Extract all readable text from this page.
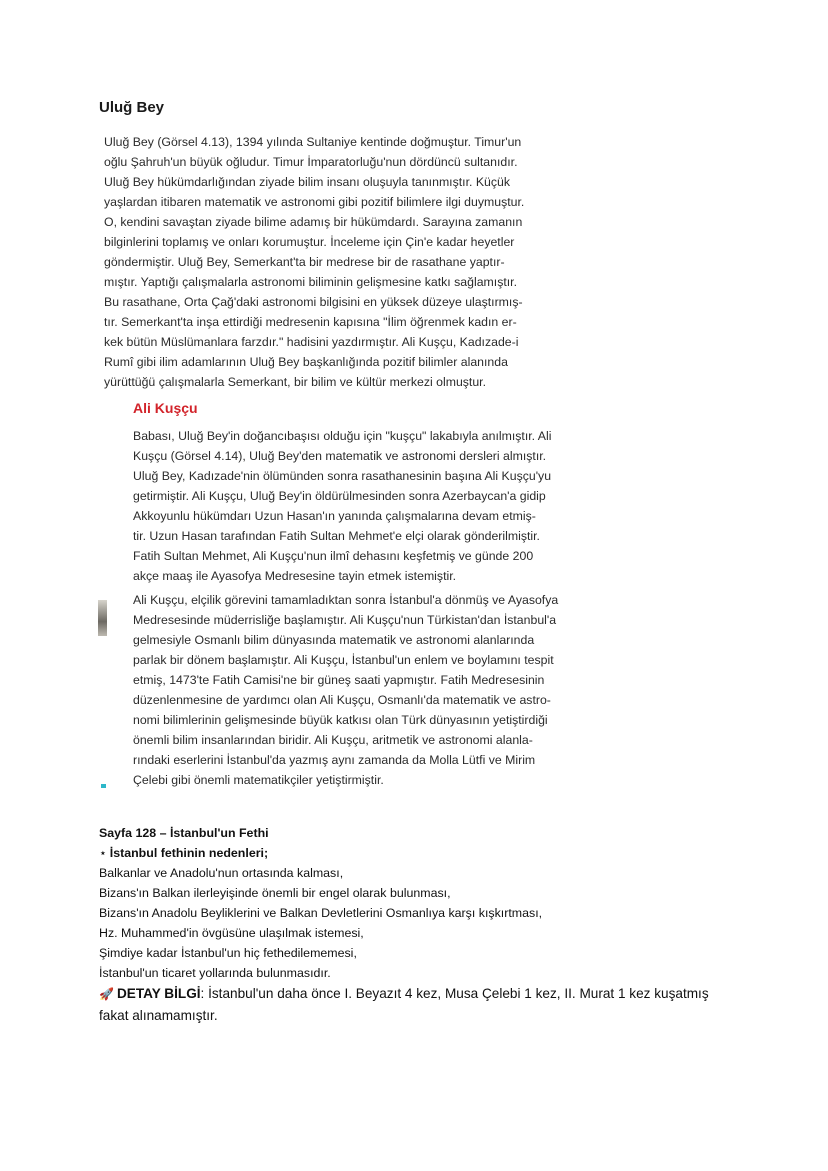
Uluğ Bey
Uluğ Bey (Görsel 4.13), 1394 yılında Sultaniye kentinde doğmuştur. Timur'un
oğlu Şahruh'un büyük oğludur. Timur İmparatorluğu'nun dördüncü sultanıdır.
Uluğ Bey hükümdarlığından ziyade bilim insanı oluşuyla tanınmıştır. Küçük
yaşlardan itibaren matematik ve astronomi gibi pozitif bilimlere ilgi duymuştur.
O, kendini savaştan ziyade bilime adamış bir hükümdardı. Sarayına zamanın
bilginlerini toplamış ve onları korumuştur. İnceleme için Çin'e kadar heyetler
göndermiştir. Uluğ Bey, Semerkant'ta bir medrese bir de rasathane yaptır-
mıştır. Yaptığı çalışmalarla astronomi biliminin gelişmesine katkı sağlamıştır.
Bu rasathane, Orta Çağ'daki astronomi bilgisini en yüksek düzeye ulaştırmış-
tır. Semerkant'ta inşa ettirdiği medresenin kapısına "İlim öğrenmek kadın er-
kek bütün Müslümanlara farzdır." hadisini yazdırmıştır. Ali Kuşçu, Kadızade-i
Rumî gibi ilim adamlarının Uluğ Bey başkanlığında pozitif bilimler alanında
yürüttüğü çalışmalarla Semerkant, bir bilim ve kültür merkezi olmuştur.
Ali Kuşçu
Babası, Uluğ Bey'in doğancıbaşısı olduğu için "kuşçu" lakabıyla anılmıştır. Ali
Kuşçu (Görsel 4.14), Uluğ Bey'den matematik ve astronomi dersleri almıştır.
Uluğ Bey, Kadızade'nin ölümünden sonra rasathanesinin başına Ali Kuşçu'yu
getirmiştir. Ali Kuşçu, Uluğ Bey'in öldürülmesinden sonra Azerbaycan'a gidip
Akkoyunlu hükümdarı Uzun Hasan'ın yanında çalışmalarına devam etmiş-
tir. Uzun Hasan tarafından Fatih Sultan Mehmet'e elçi olarak gönderilmiştir.
Fatih Sultan Mehmet, Ali Kuşçu'nun ilmî dehasını keşfetmiş ve günde 200
akçe maaş ile Ayasofya Medresesine tayin etmek istemiştir.
Ali Kuşçu, elçilik görevini tamamladıktan sonra İstanbul'a dönmüş ve Ayasofya
Medresesinde müderrisliğe başlamıştır. Ali Kuşçu'nun Türkistan'dan İstanbul'a
gelmesiyle Osmanlı bilim dünyasında matematik ve astronomi alanlarında
parlak bir dönem başlamıştır. Ali Kuşçu, İstanbul'un enlem ve boylamını tespit
etmiş, 1473'te Fatih Camisi'ne bir güneş saati yapmıştır. Fatih Medresesinin
düzenlenmesine de yardımcı olan Ali Kuşçu, Osmanlı'da matematik ve astro-
nomi bilimlerinin gelişmesinde büyük katkısı olan Türk dünyasının yetiştirdiği
önemli bilim insanlarından biridir. Ali Kuşçu, aritmetik ve astronomi alanla-
rındaki eserlerini İstanbul'da yazmış aynı zamanda da Molla Lütfi ve Mirim
Çelebi gibi önemli matematikçiler yetiştirmiştir.
Sayfa 128 – İstanbul'un Fethi
⋆ İstanbul fethinin nedenleri;
Balkanlar ve Anadolu'nun ortasında kalması,
Bizans'ın Balkan ilerleyişinde önemli bir engel olarak bulunması,
Bizans'ın Anadolu Beyliklerini ve Balkan Devletlerini Osmanlıya karşı kışkırtması,
Hz. Muhammed'in övgüsüne ulaşılmak istemesi,
Şimdiye kadar İstanbul'un hiç fethedilememesi,
İstanbul'un ticaret yollarında bulunmasıdır.
🚀 DETAY BİLGİ: İstanbul'un daha önce I. Beyazıt 4 kez, Musa Çelebi 1 kez, II. Murat 1 kez kuşatmış fakat alınamamıştır.
